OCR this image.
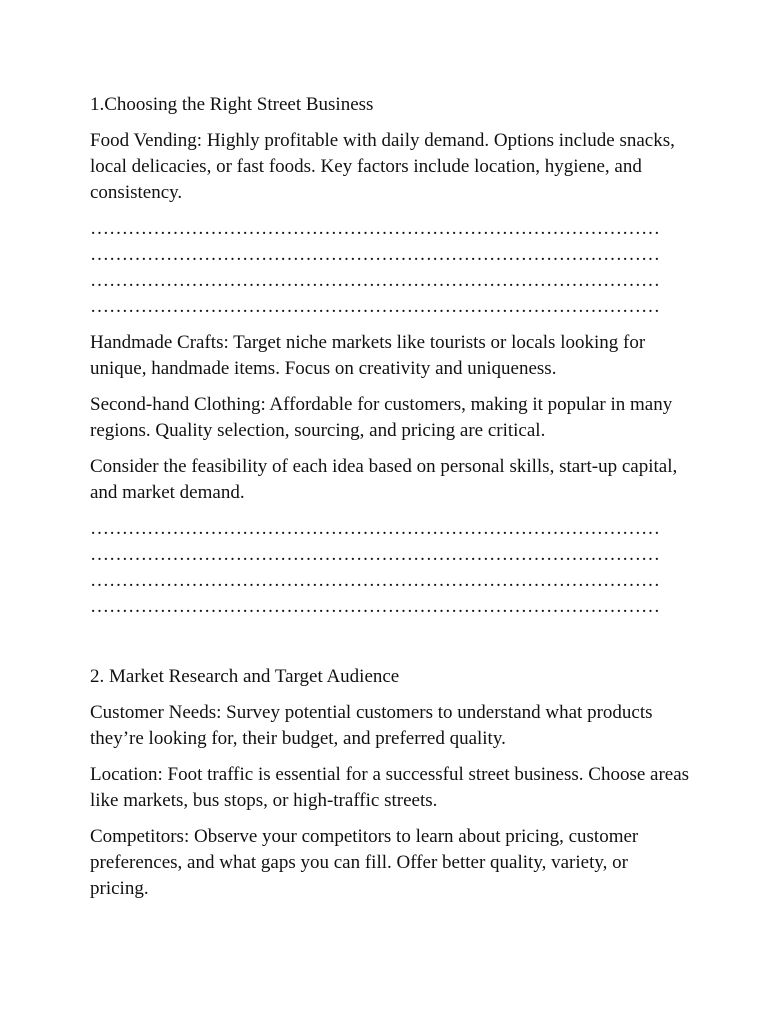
1.Choosing the Right Street Business

Food Vending: Highly profitable with daily demand. Options include snacks, local delicacies, or fast foods. Key factors include location, hygiene, and consistency.

………………………………………………………………………………
………………………………………………………………………………
………………………………………………………………………………
………………………………………………………………………………

Handmade Crafts: Target niche markets like tourists or locals looking for unique, handmade items. Focus on creativity and uniqueness.

Second-hand Clothing: Affordable for customers, making it popular in many regions. Quality selection, sourcing, and pricing are critical.

Consider the feasibility of each idea based on personal skills, start-up capital, and market demand.

………………………………………………………………………………
………………………………………………………………………………
………………………………………………………………………………
………………………………………………………………………………

2. Market Research and Target Audience

Customer Needs: Survey potential customers to understand what products they’re looking for, their budget, and preferred quality.

Location: Foot traffic is essential for a successful street business. Choose areas like markets, bus stops, or high-traffic streets.

Competitors: Observe your competitors to learn about pricing, customer preferences, and what gaps you can fill. Offer better quality, variety, or pricing.
